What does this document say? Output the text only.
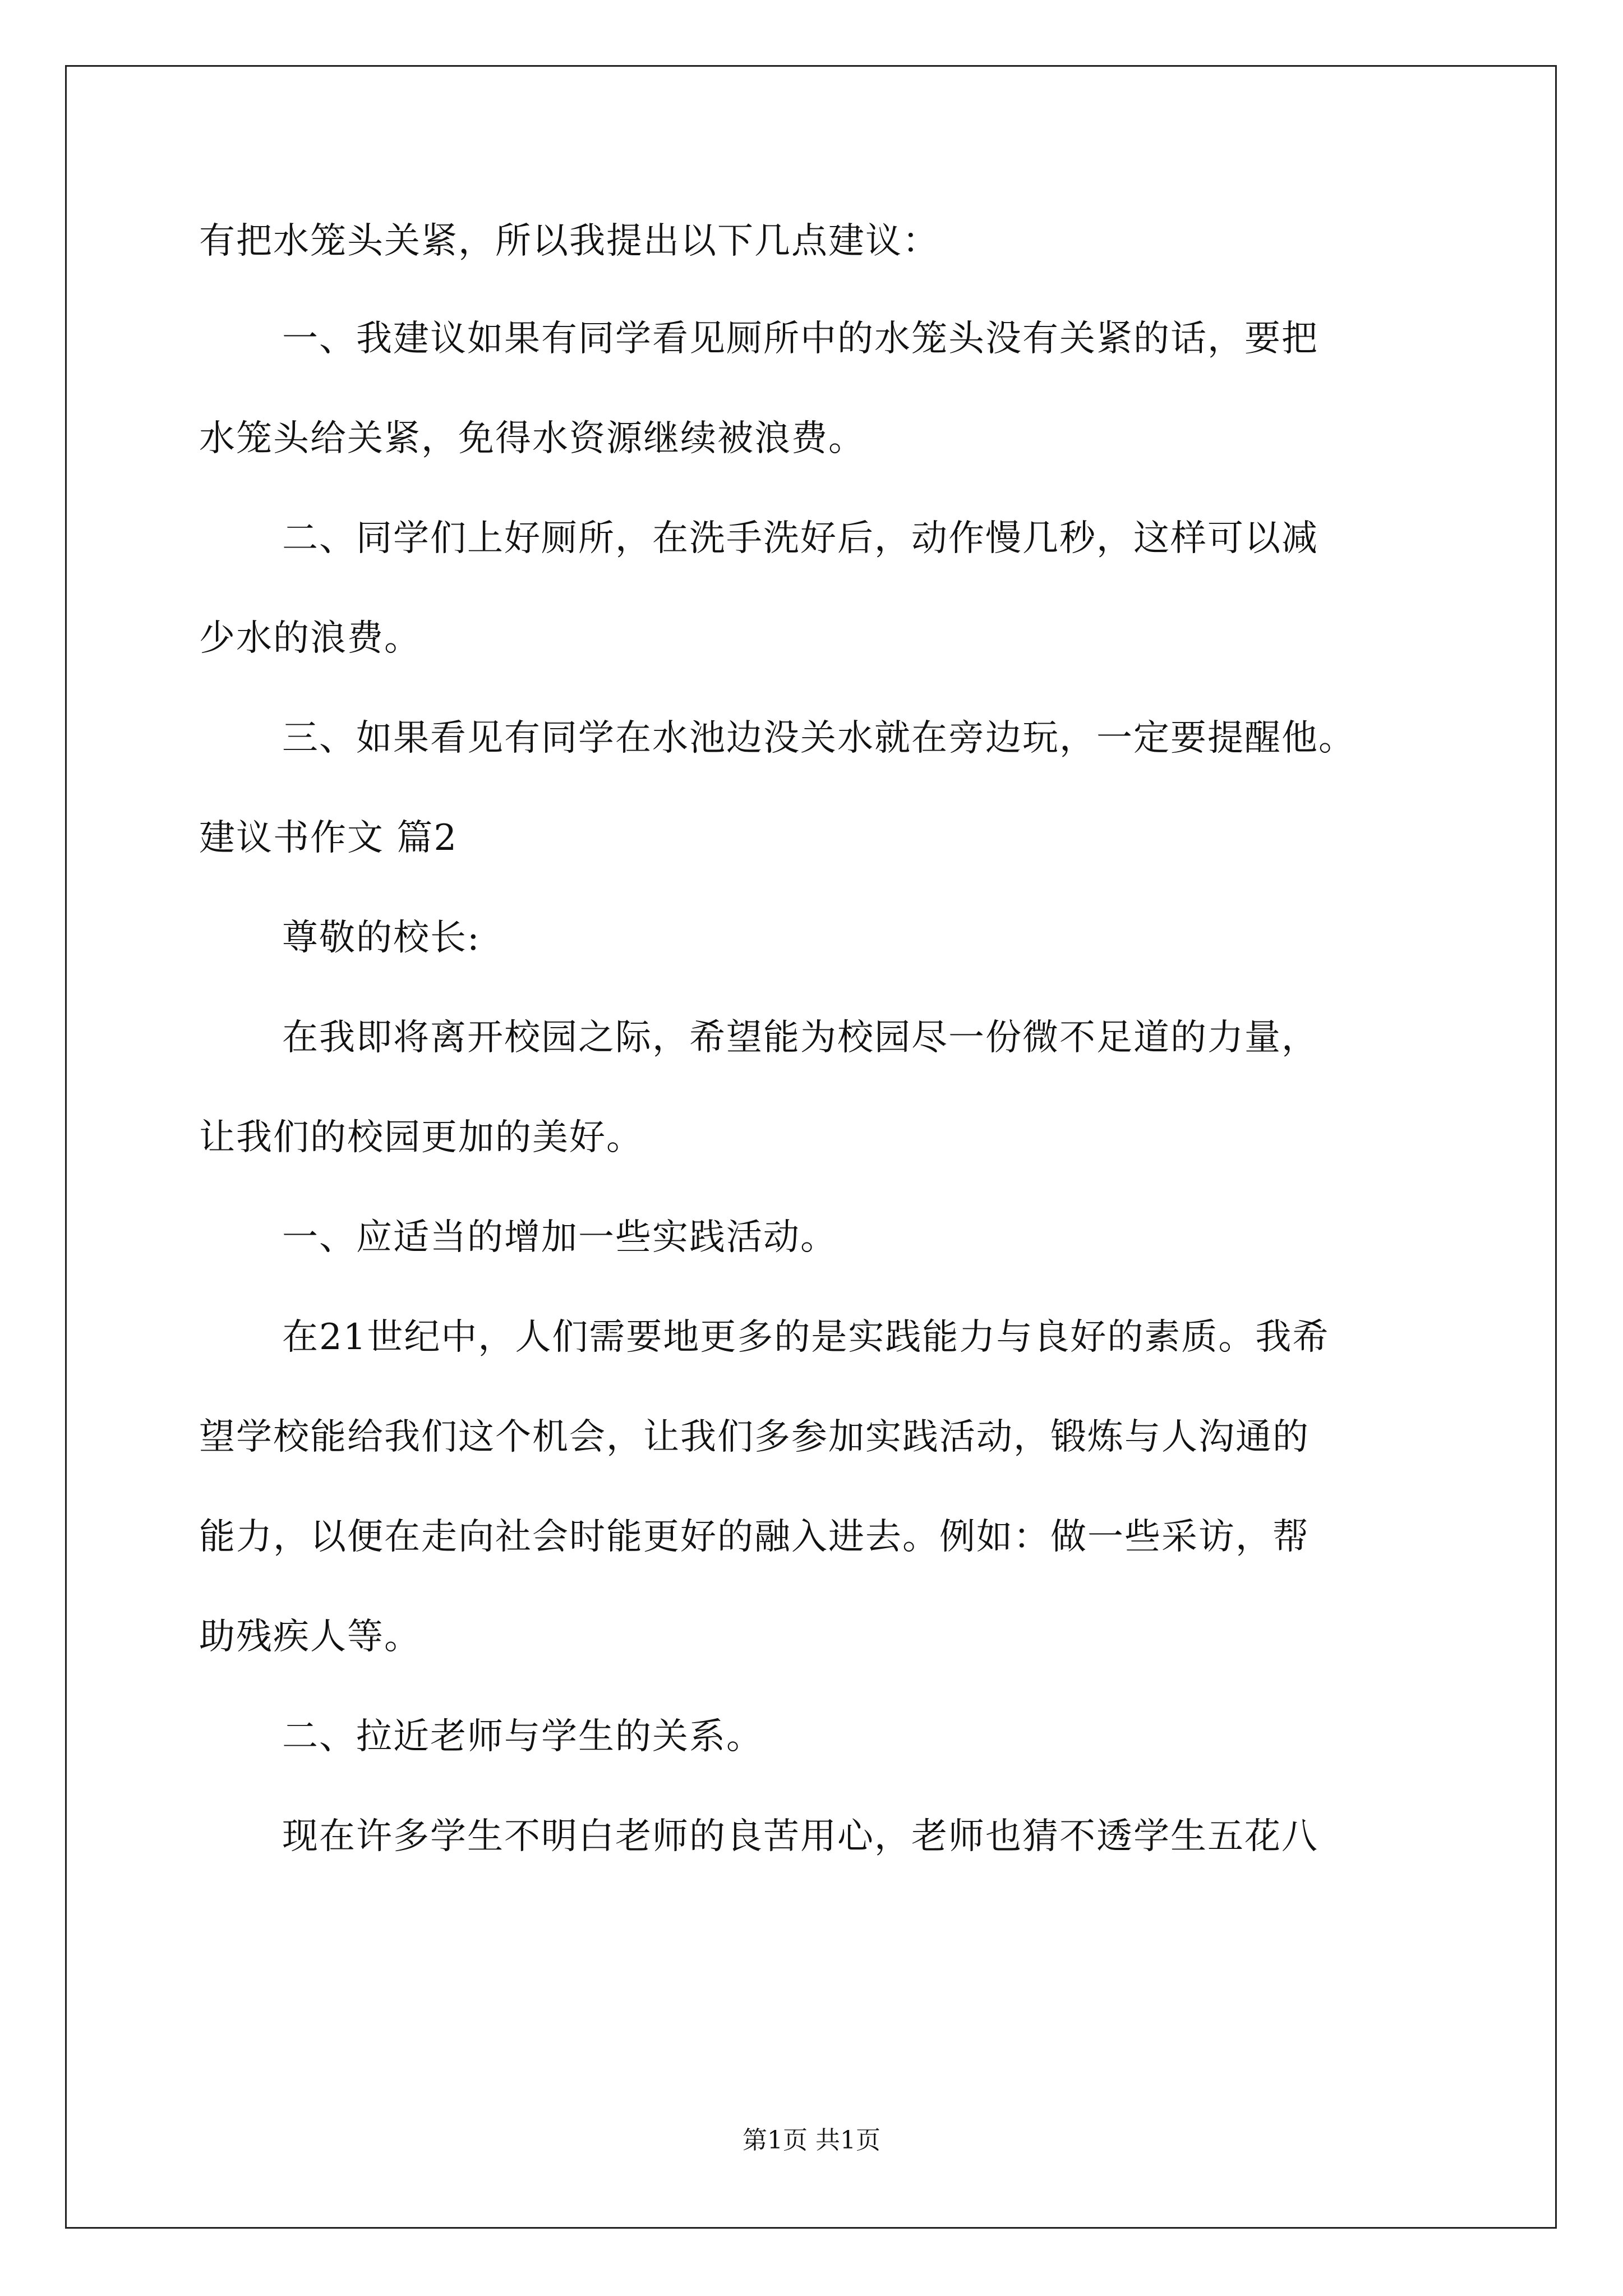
有把水笼头关紧，所以我提出以下几点建议：
一、我建议如果有同学看见厕所中的水笼头没有关紧的话，要把
水笼头给关紧，免得水资源继续被浪费。
二、同学们上好厕所，在洗手洗好后，动作慢几秒，这样可以减
少水的浪费。
三、如果看见有同学在水池边没关水就在旁边玩，一定要提醒他。
建议书作文 篇2
尊敬的校长:
在我即将离开校园之际，希望能为校园尽一份微不足道的力量，
让我们的校园更加的美好。
一、应适当的增加一些实践活动。
在21世纪中，人们需要地更多的是实践能力与良好的素质。我希
望学校能给我们这个机会，让我们多参加实践活动，锻炼与人沟通的
能力，以便在走向社会时能更好的融入进去。例如：做一些采访，帮
助残疾人等。
二、拉近老师与学生的关系。
现在许多学生不明白老师的良苦用心，老师也猜不透学生五花八
第1页 共1页
